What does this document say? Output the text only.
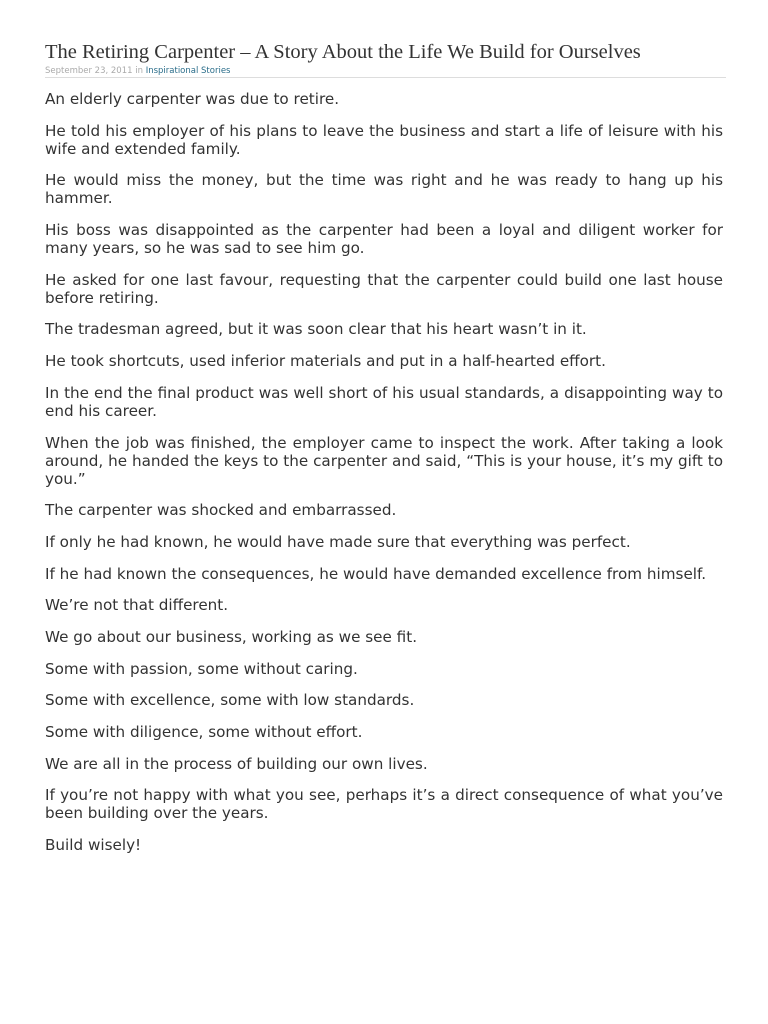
The Retiring Carpenter – A Story About the Life We Build for Ourselves
September 23, 2011 in Inspirational Stories

An elderly carpenter was due to retire.

He told his employer of his plans to leave the business and start a life of leisure with his wife and extended family.

He would miss the money, but the time was right and he was ready to hang up his hammer.

His boss was disappointed as the carpenter had been a loyal and diligent worker for many years, so he was sad to see him go.

He asked for one last favour, requesting that the carpenter could build one last house before retiring.

The tradesman agreed, but it was soon clear that his heart wasn’t in it.

He took shortcuts, used inferior materials and put in a half-hearted effort.

In the end the final product was well short of his usual standards, a disappointing way to end his career.

When the job was finished, the employer came to inspect the work. After taking a look around, he handed the keys to the carpenter and said, “This is your house, it’s my gift to you.”

The carpenter was shocked and embarrassed.

If only he had known, he would have made sure that everything was perfect.

If he had known the consequences, he would have demanded excellence from himself.

We’re not that different.

We go about our business, working as we see fit.

Some with passion, some without caring.

Some with excellence, some with low standards.

Some with diligence, some without effort.

We are all in the process of building our own lives.

If you’re not happy with what you see, perhaps it’s a direct consequence of what you’ve been building over the years.

Build wisely!
